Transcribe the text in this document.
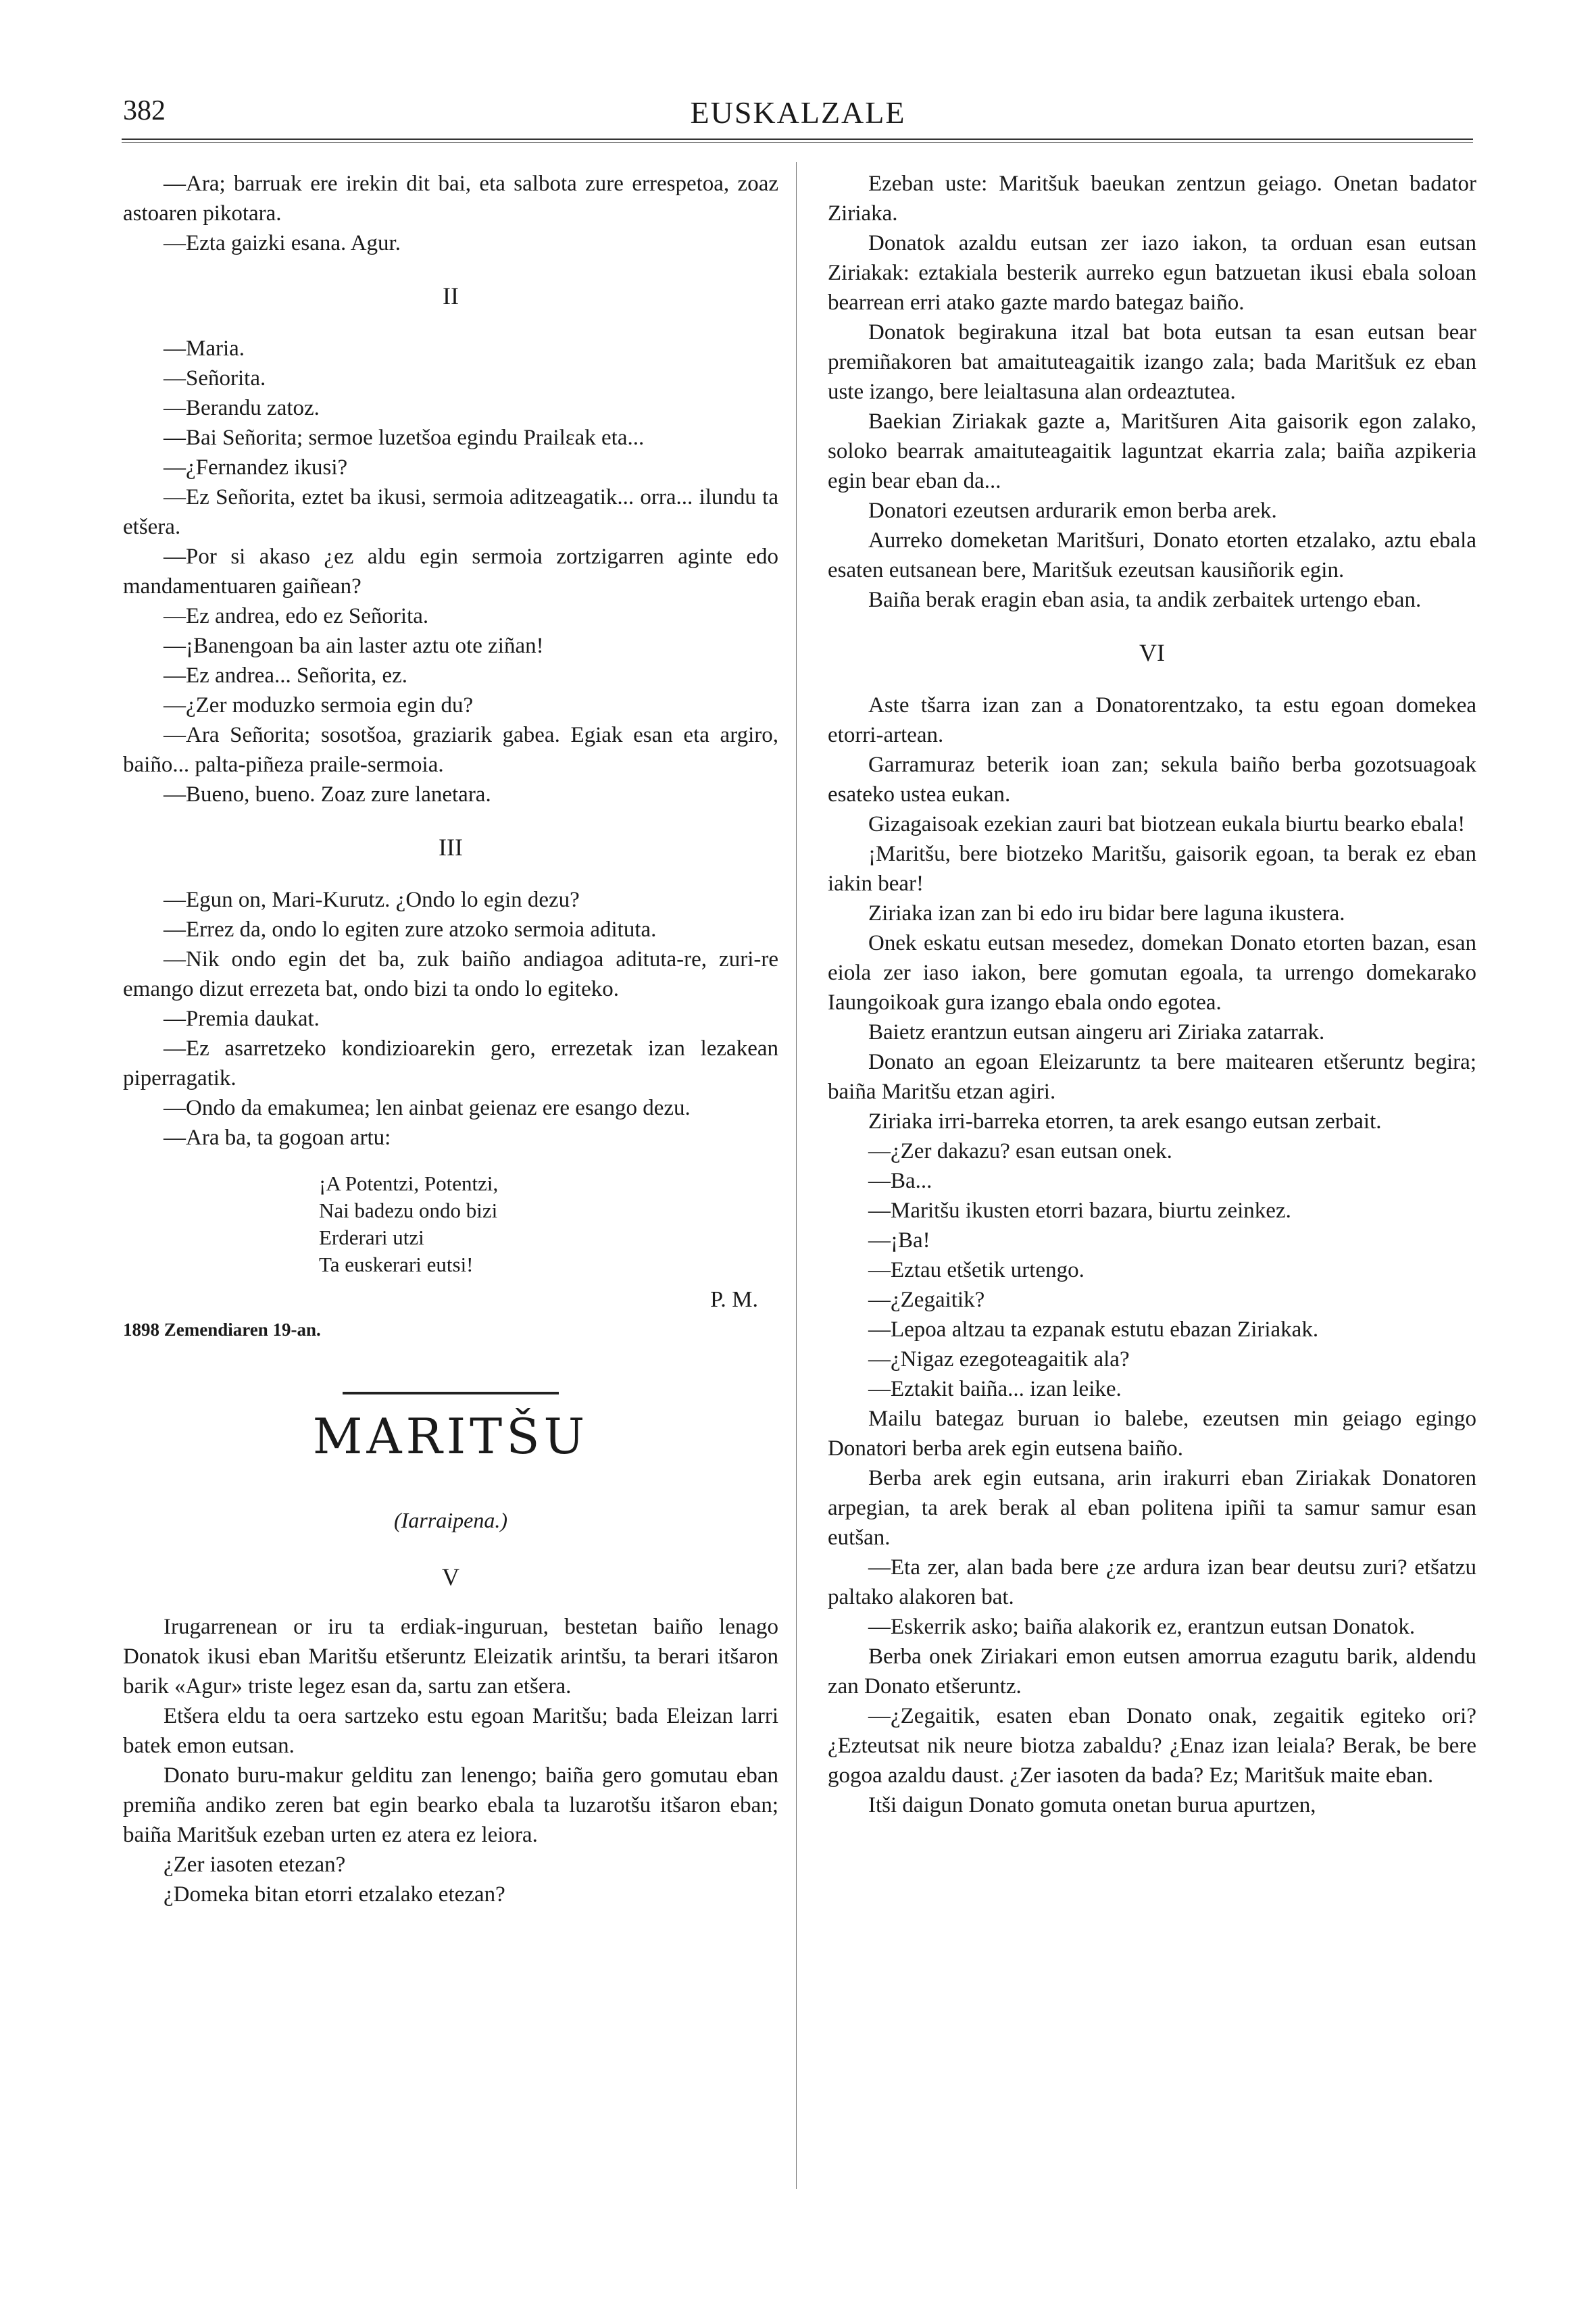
382	EUSKALZALE

—Ara; barruak ere irekin dit bai, eta salbota zure errespetoa, zoaz astoaren pikotara.

—Ezta gaizki esana. Agur.

II

—Maria.

—Señorita.

—Berandu zatoz.

—Bai Señorita; sermoe luzetšoa egindu Prailεak eta...

—¿Fernandez ikusi?

—Ez Señorita, eztet ba ikusi, sermoia aditzeagatik... orra... ilundu ta etšera.

—Por si akaso ¿ez aldu egin sermoia zortzigarren aginte edo mandamentuaren gaiñean?

—Ez andrea, edo ez Señorita.

—¡Banengoan ba ain laster aztu ote ziñan!

—Ez andrea... Señorita, ez.

—¿Zer moduzko sermoia egin du?

—Ara Señorita; sosotšoa, graziarik gabea. Egiak esan eta argiro, baiño... palta-piñeza praile-sermoia.

—Bueno, bueno. Zoaz zure lanetara.

III

—Egun on, Mari-Kurutz. ¿Ondo lo egin dezu?

—Errez da, ondo lo egiten zure atzoko sermoia adituta.

—Nik ondo egin det ba, zuk baiño andiagoa adituta-re, zuri-re emango dizut errezeta bat, ondo bizi ta ondo lo egiteko.

—Premia daukat.

—Ez asarretzeko kondizioarekin gero, errezetak izan lezakean piperragatik.

—Ondo da emakumea; len ainbat geienaz ere esango dezu.

—Ara ba, ta gogoan artu:

¡A Potentzi, Potentzi,
Nai badezu ondo bizi
Erderari utzi
Ta euskerari eutsi!
P. M.
1898 Zemendiaren 19-an.
MARITŠU
(Iarraipena.)
V

Irugarrenean or iru ta erdiak-inguruan, bestetan baiño lenago Donatok ikusi eban Maritšu etšeruntz Eleizatik arintšu, ta berari itšaron barik «Agur» triste legez esan da, sartu zan etšera.

Etšera eldu ta oera sartzeko estu egoan Maritšu; bada Eleizan larri batek emon eutsan.

Donato buru-makur gelditu zan lenengo; baiña gero gomutau eban premiña andiko zeren bat egin bearko ebala ta luzarotšu itšaron eban; baiña Maritšuk ezeban urten ez atera ez leiora.

¿Zer iasoten etezan?

¿Domeka bitan etorri etzalako etezan?

Ezeban uste: Maritšuk baeukan zentzun geiago. Onetan badator Ziriaka.

Donatok azaldu eutsan zer iazo iakon, ta orduan esan eutsan Ziriakak: eztakiala besterik aurreko egun batzuetan ikusi ebala soloan bearrean erri atako gazte mardo bategaz baiño.

Donatok begirakuna itzal bat bota eutsan ta esan eutsan bear premiñakoren bat amaituteagaitik izango zala; bada Maritšuk ez eban uste izango, bere leialtasuna alan ordeaztutea.

Baekian Ziriakak gazte a, Maritšuren Aita gaisorik egon zalako, soloko bearrak amaituteagaitik laguntzat ekarria zala; baiña azpikeria egin bear eban da...

Donatori ezeutsen ardurarik emon berba arek.

Aurreko domeketan Maritšuri, Donato etorten etzalako, aztu ebala esaten eutsanean bere, Maritšuk ezeutsan kausiñorik egin.

Baiña berak eragin eban asia, ta andik zerbaitek urtengo eban.

VI

Aste tšarra izan zan a Donatorentzako, ta estu egoan domekea etorri-artean.

Garramuraz beterik ioan zan; sekula baiño berba gozotsuagoak esateko ustea eukan.

Gizagaisoak ezekian zauri bat biotzean eukala biurtu bearko ebala!

¡Maritšu, bere biotzeko Maritšu, gaisorik egoan, ta berak ez eban iakin bear!

Ziriaka izan zan bi edo iru bidar bere laguna ikustera.

Onek eskatu eutsan mesedez, domekan Donato etorten bazan, esan eiola zer iaso iakon, bere gomutan egoala, ta urrengo domekarako Iaungoikoak gura izango ebala ondo egotea.

Baietz erantzun eutsan aingeru ari Ziriaka zatarrak.

Donato an egoan Eleizaruntz ta bere maitearen etšeruntz begira; baiña Maritšu etzan agiri.

Ziriaka irri-barreka etorren, ta arek esango eutsan zerbait.

—¿Zer dakazu? esan eutsan onek.

—Ba...

—Maritšu ikusten etorri bazara, biurtu zeinkez.

—¡Ba!

—Eztau etšetik urtengo.

—¿Zegaitik?

—Lepoa altzau ta ezpanak estutu ebazan Ziriakak.

—¿Nigaz ezegoteagaitik ala?

—Eztakit baiña... izan leike.

Mailu bategaz buruan io balebe, ezeutsen min geiago egingo Donatori berba arek egin eutsena baiño.

Berba arek egin eutsana, arin irakurri eban Ziriakak Donatoren arpegian, ta arek berak al eban politena ipiñi ta samur samur esan eutšan.

—Eta zer, alan bada bere ¿ze ardura izan bear deutsu zuri? etšatzu paltako alakoren bat.

—Eskerrik asko; baiña alakorik ez, erantzun eutsan Donatok.

Berba onek Ziriakari emon eutsen amorrua ezagutu barik, aldendu zan Donato etšeruntz.

—¿Zegaitik, esaten eban Donato onak, zegaitik egiteko ori? ¿Ezteutsat nik neure biotza zabaldu? ¿Enaz izan leiala? Berak, be bere gogoa azaldu daust. ¿Zer iasoten da bada? Ez; Maritšuk maite eban.

Itši daigun Donato gomuta onetan burua apurtzen,
